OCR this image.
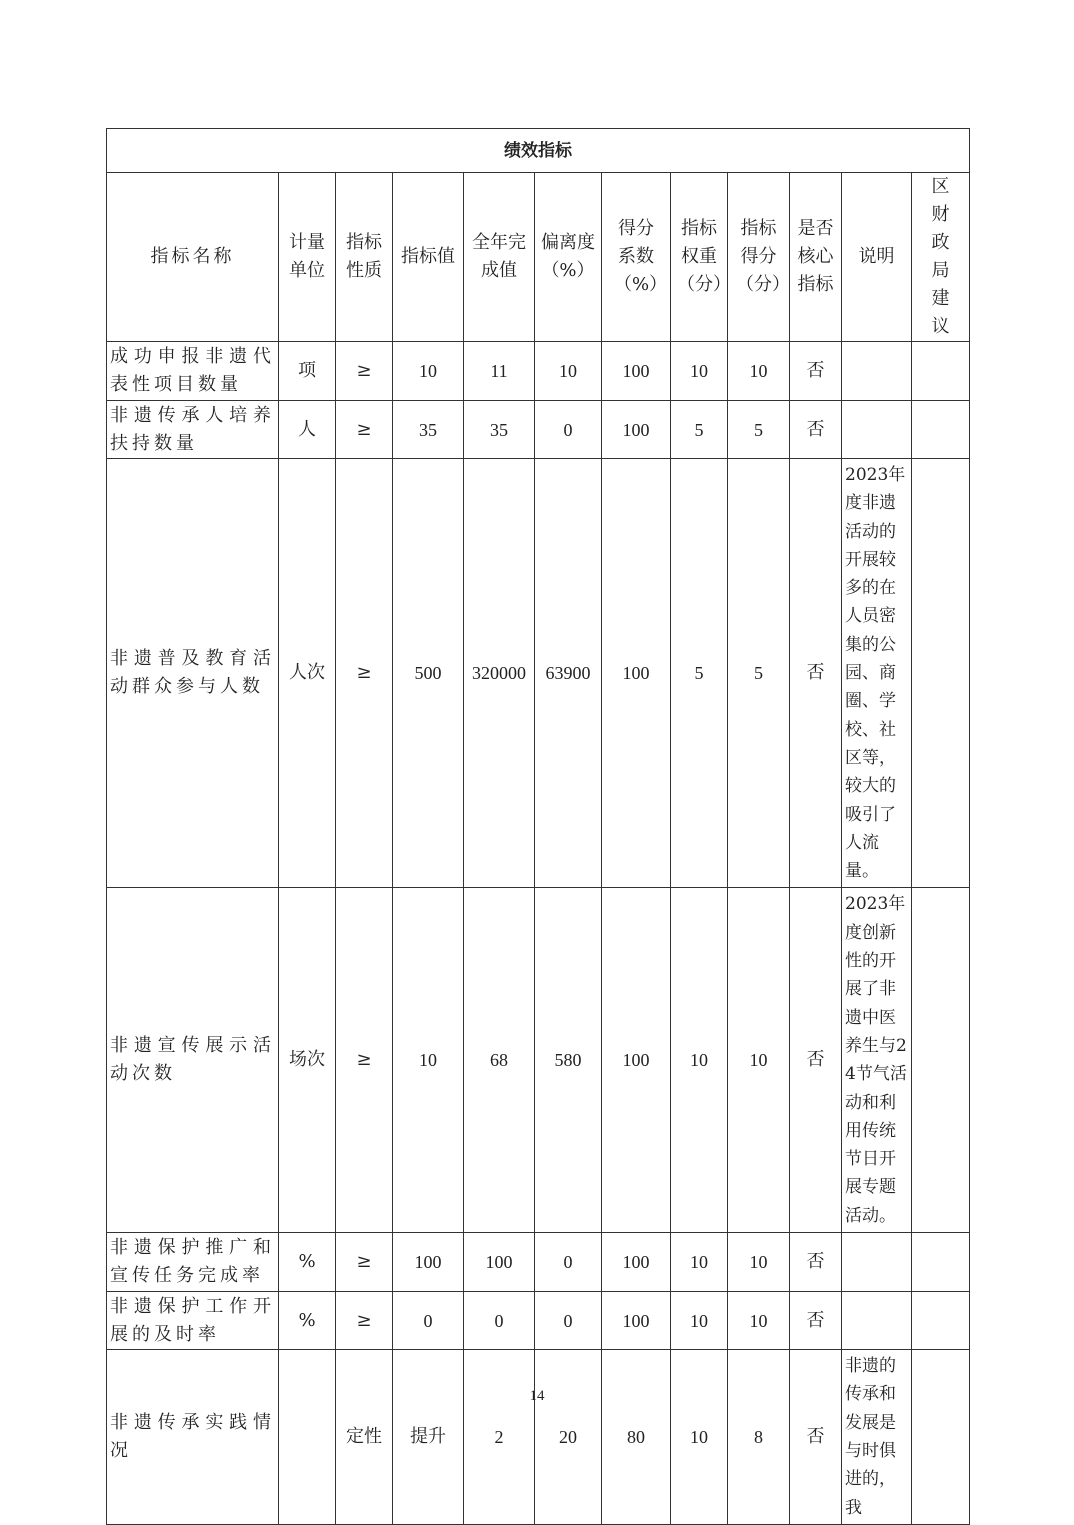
绩效指标											
指标名称	计量单位	指标性质	指标值	全年完成值	偏离度（%）	得分系数（%）	指标权重（分）	指标得分（分）	是否核心指标	说明	区财政局建议
成功申报非遗代表性项目数量	项	≥	10	11	10	100	10	10	否		
非遗传承人培养扶持数量	人	≥	35	35	0	100	5	5	否		
非遗普及教育活动群众参与人数	人次	≥	500	320000	63900	100	5	5	否	2023年度非遗活动的开展较多的在人员密集的公园、商圈、学校、社区等，较大的吸引了人流量。	
非遗宣传展示活动次数	场次	≥	10	68	580	100	10	10	否	2023年度创新性的开展了非遗中医养生与24节气活动和利用传统节日开展专题活动。	
非遗保护推广和宣传任务完成率	%	≥	100	100	0	100	10	10	否		
非遗保护工作开展的及时率	%	≥	0	0	0	100	10	10	否		
非遗传承实践情况		定性	提升	2	20	80	10	8	否	非遗的传承和发展是与时俱进的，我	
14
